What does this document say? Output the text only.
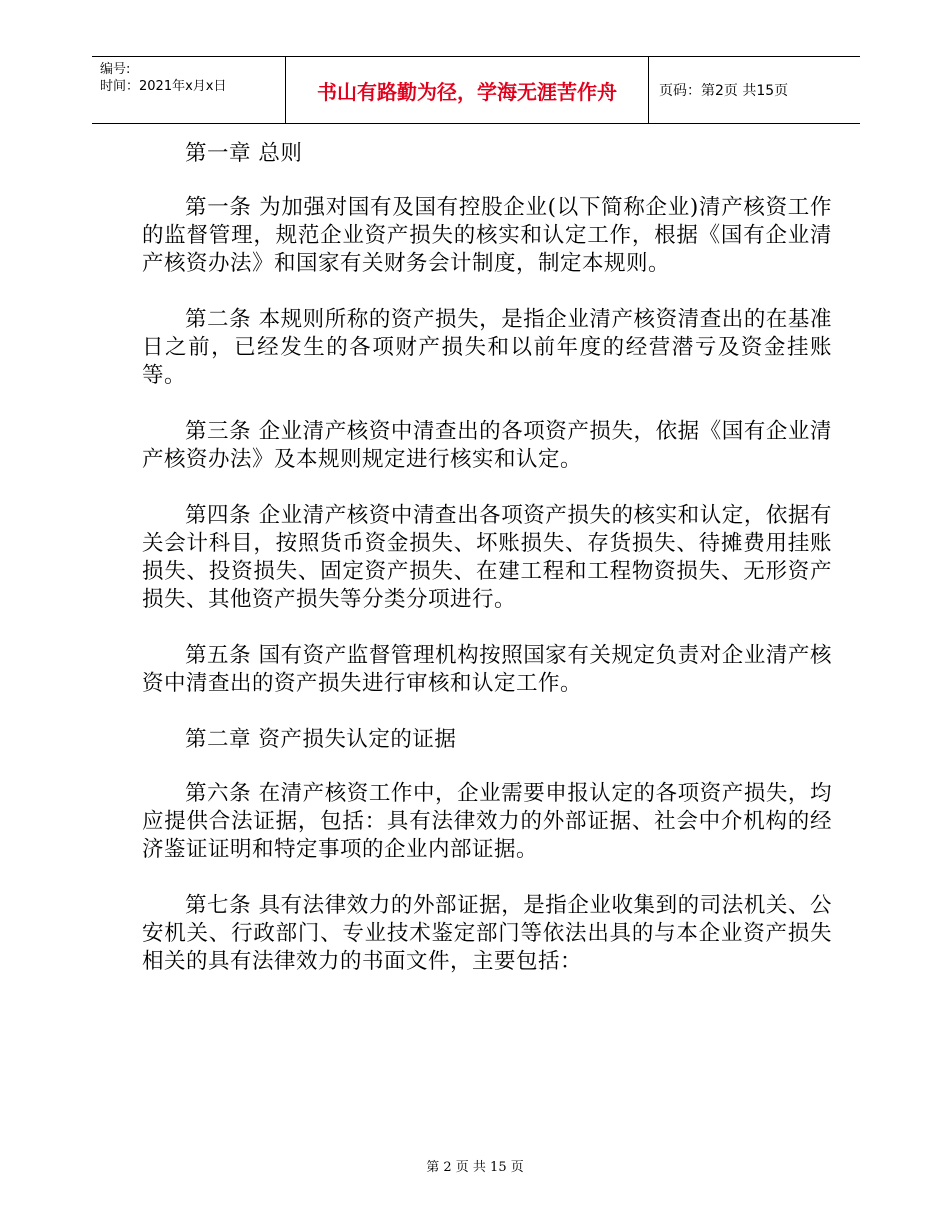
编号:
时间：2021年x月x日	书山有路勤为径，学海无涯苦作舟	页码：第2页 共15页

第一章 总则

第一条 为加强对国有及国有控股企业(以下简称企业)清产核资工作的监督管理，规范企业资产损失的核实和认定工作，根据《国有企业清产核资办法》和国家有关财务会计制度，制定本规则。

第二条 本规则所称的资产损失，是指企业清产核资清查出的在基准日之前，已经发生的各项财产损失和以前年度的经营潜亏及资金挂账等。

第三条 企业清产核资中清查出的各项资产损失，依据《国有企业清产核资办法》及本规则规定进行核实和认定。

第四条 企业清产核资中清查出各项资产损失的核实和认定，依据有关会计科目，按照货币资金损失、坏账损失、存货损失、待摊费用挂账损失、投资损失、固定资产损失、在建工程和工程物资损失、无形资产损失、其他资产损失等分类分项进行。

第五条 国有资产监督管理机构按照国家有关规定负责对企业清产核资中清查出的资产损失进行审核和认定工作。

第二章 资产损失认定的证据

第六条 在清产核资工作中，企业需要申报认定的各项资产损失，均应提供合法证据，包括：具有法律效力的外部证据、社会中介机构的经济鉴证证明和特定事项的企业内部证据。

第七条 具有法律效力的外部证据，是指企业收集到的司法机关、公安机关、行政部门、专业技术鉴定部门等依法出具的与本企业资产损失相关的具有法律效力的书面文件，主要包括：

第 2 页 共 15 页
